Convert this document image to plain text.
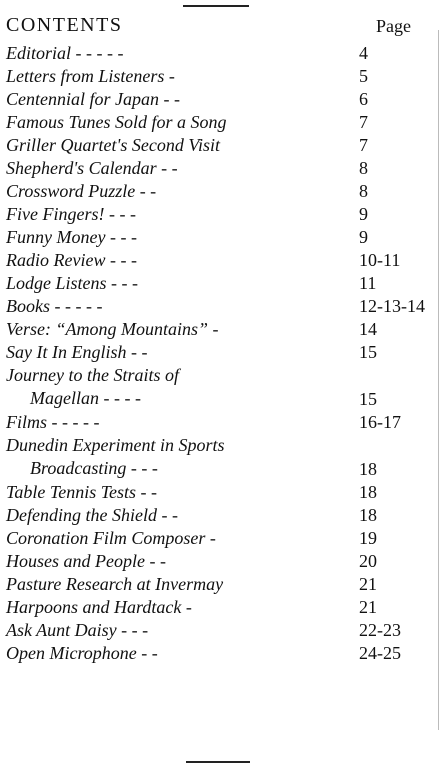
CONTENTS	Page
Editorial - - - - -	4
Letters from Listeners -	5
Centennial for Japan - -	6
Famous Tunes Sold for a Song	7
Griller Quartet's Second Visit	7
Shepherd's Calendar - -	8
Crossword Puzzle - -	8
Five Fingers! - - -	9
Funny Money - - -	9
Radio Review - - -	10-11
Lodge Listens - - -	11
Books - - - - -	12-13-14
Verse: “Among Mountains” -	14
Say It In English - -	15
Journey to the Straits of
Magellan - - - -	15
Films - - - - -	16-17
Dunedin Experiment in Sports
Broadcasting - - -	18
Table Tennis Tests - -	18
Defending the Shield - -	18
Coronation Film Composer -	19
Houses and People - -	20
Pasture Research at Invermay	21
Harpoons and Hardtack -	21
Ask Aunt Daisy - - -	22-23
Open Microphone - -	24-25
